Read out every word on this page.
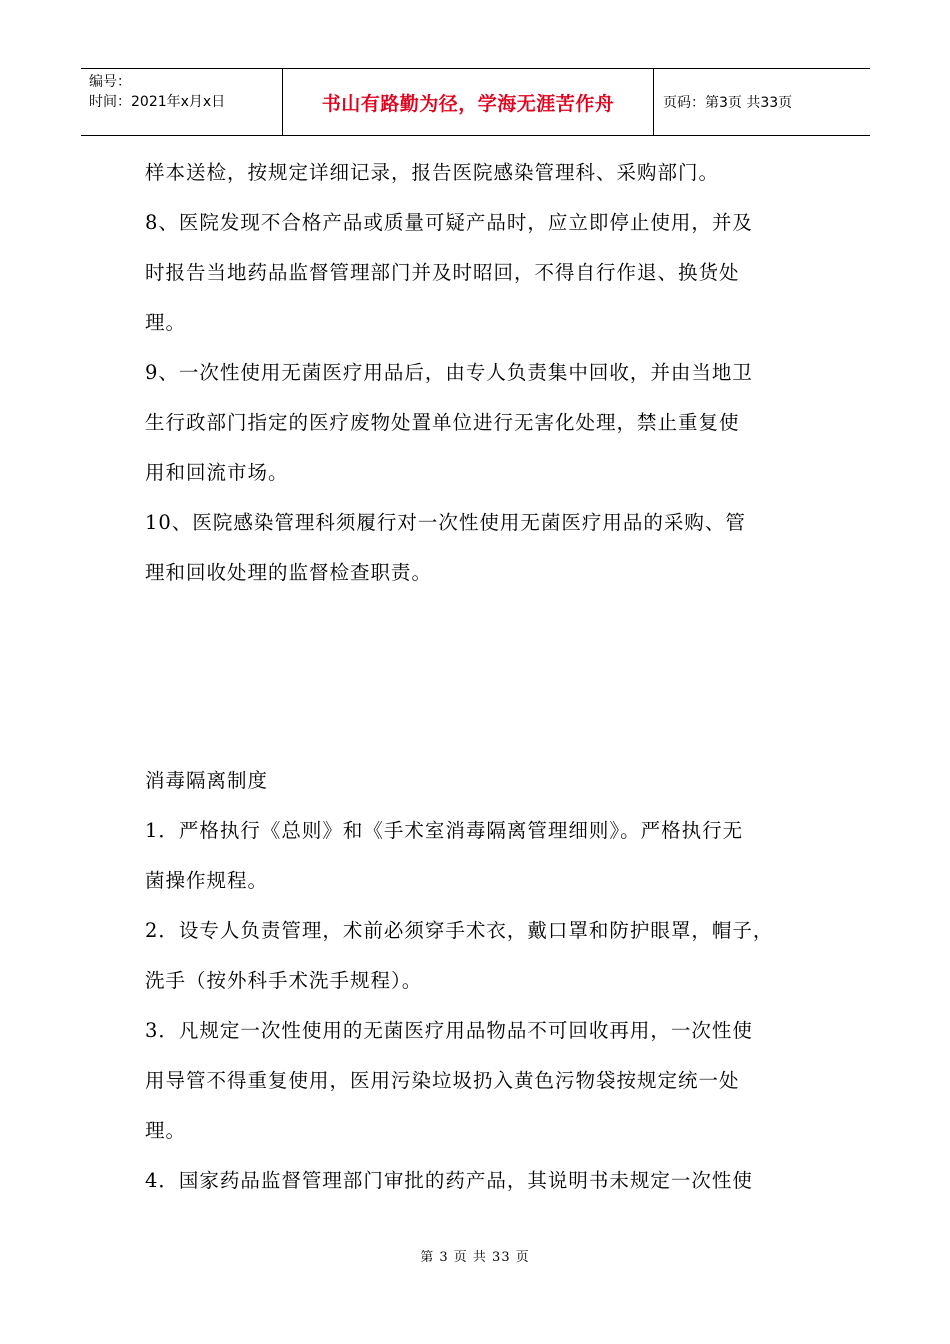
编号：
时间：2021年x月x日	书山有路勤为径，学海无涯苦作舟	页码：第3页 共33页

样本送检，按规定详细记录，报告医院感染管理科、采购部门。

8、医院发现不合格产品或质量可疑产品时，应立即停止使用，并及

时报告当地药品监督管理部门并及时昭回，不得自行作退、换货处

理。

9、一次性使用无菌医疗用品后，由专人负责集中回收，并由当地卫

生行政部门指定的医疗废物处置单位进行无害化处理，禁止重复使

用和回流市场。

10、医院感染管理科须履行对一次性使用无菌医疗用品的采购、管

理和回收处理的监督检查职责。

消毒隔离制度

1．严格执行《总则》和《手术室消毒隔离管理细则》。严格执行无

菌操作规程。

2．设专人负责管理，术前必须穿手术衣，戴口罩和防护眼罩，帽子，

洗手（按外科手术洗手规程）。

3．凡规定一次性使用的无菌医疗用品物品不可回收再用，一次性使

用导管不得重复使用，医用污染垃圾扔入黄色污物袋按规定统一处

理。

4．国家药品监督管理部门审批的药产品，其说明书未规定一次性使

第 3 页 共 33 页
